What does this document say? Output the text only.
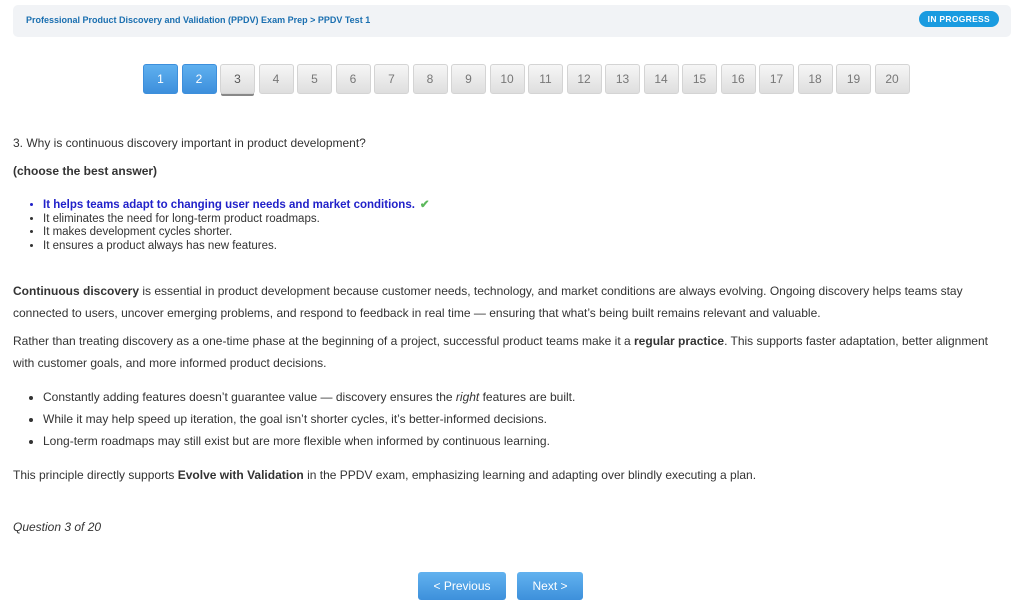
Professional Product Discovery and Validation (PPDV) Exam Prep > PPDV Test 1	IN PROGRESS
1	2	3	4	5	6	7	8	9	10	11	12	13	14	15	16	17	18	19	20
3. Why is continuous discovery important in product development?
(choose the best answer)
• It helps teams adapt to changing user needs and market conditions. ✔
• It eliminates the need for long-term product roadmaps.
• It makes development cycles shorter.
• It ensures a product always has new features.
Continuous discovery is essential in product development because customer needs, technology, and market conditions are always evolving. Ongoing discovery helps teams stay connected to users, uncover emerging problems, and respond to feedback in real time — ensuring that what’s being built remains relevant and valuable.
Rather than treating discovery as a one-time phase at the beginning of a project, successful product teams make it a regular practice. This supports faster adaptation, better alignment with customer goals, and more informed product decisions.
• Constantly adding features doesn’t guarantee value — discovery ensures the right features are built.
• While it may help speed up iteration, the goal isn’t shorter cycles, it’s better-informed decisions.
• Long-term roadmaps may still exist but are more flexible when informed by continuous learning.
This principle directly supports Evolve with Validation in the PPDV exam, emphasizing learning and adapting over blindly executing a plan.
Question 3 of 20
< Previous	Next >
